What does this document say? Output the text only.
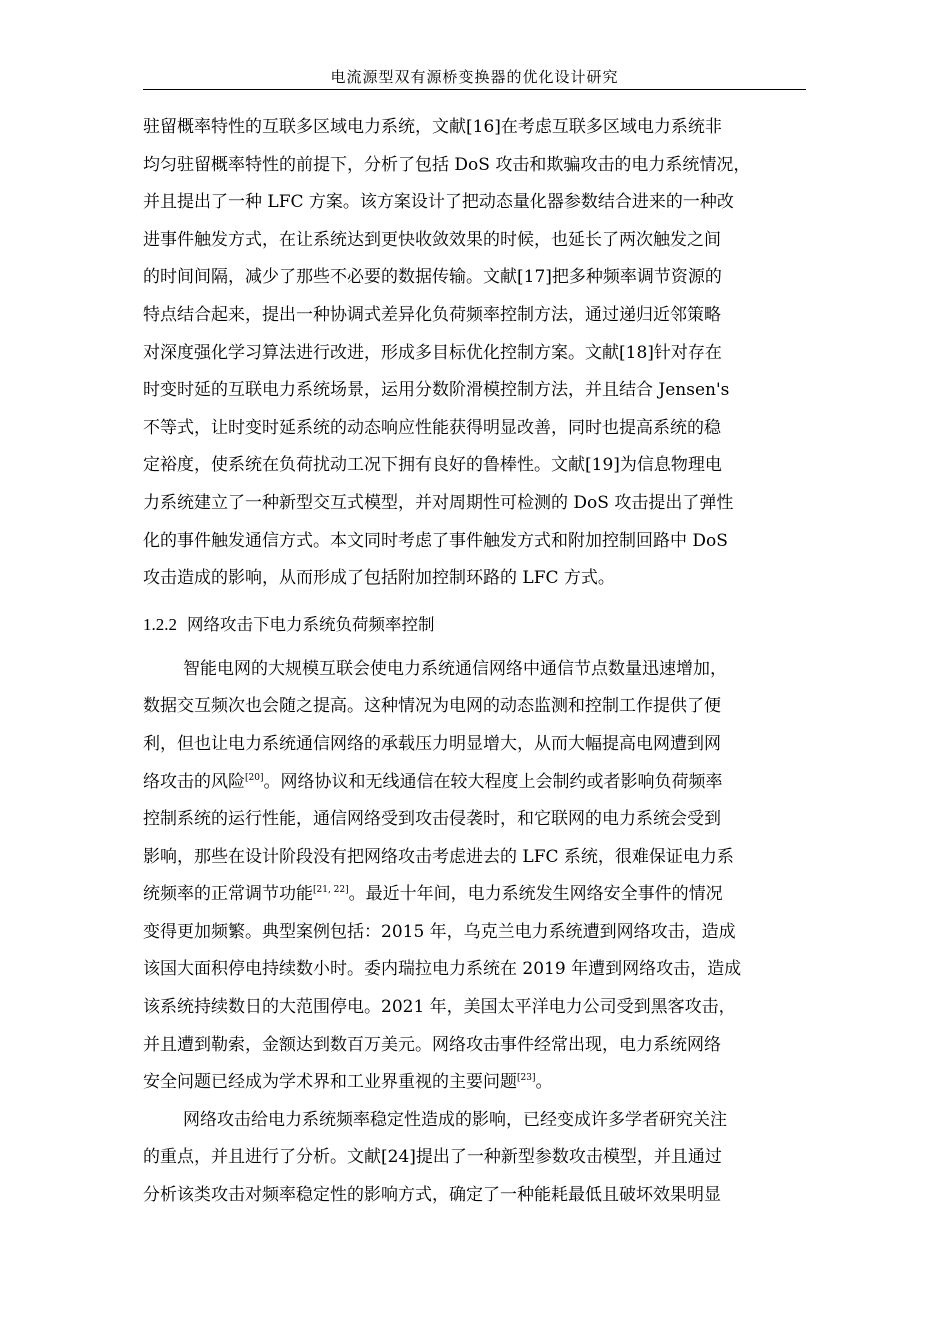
电流源型双有源桥变换器的优化设计研究
驻留概率特性的互联多区域电力系统，文献[16]在考虑互联多区域电力系统非
均匀驻留概率特性的前提下，分析了包括 DoS 攻击和欺骗攻击的电力系统情况，
并且提出了一种 LFC 方案。该方案设计了把动态量化器参数结合进来的一种改
进事件触发方式，在让系统达到更快收敛效果的时候，也延长了两次触发之间
的时间间隔，减少了那些不必要的数据传输。文献[17]把多种频率调节资源的
特点结合起来，提出一种协调式差异化负荷频率控制方法，通过递归近邻策略
对深度强化学习算法进行改进，形成多目标优化控制方案。文献[18]针对存在
时变时延的互联电力系统场景，运用分数阶滑模控制方法，并且结合 Jensen's
不等式，让时变时延系统的动态响应性能获得明显改善，同时也提高系统的稳
定裕度，使系统在负荷扰动工况下拥有良好的鲁棒性。文献[19]为信息物理电
力系统建立了一种新型交互式模型，并对周期性可检测的 DoS 攻击提出了弹性
化的事件触发通信方式。本文同时考虑了事件触发方式和附加控制回路中 DoS
攻击造成的影响，从而形成了包括附加控制环路的 LFC 方式。
1.2.2 网络攻击下电力系统负荷频率控制
智能电网的大规模互联会使电力系统通信网络中通信节点数量迅速增加，
数据交互频次也会随之提高。这种情况为电网的动态监测和控制工作提供了便
利，但也让电力系统通信网络的承载压力明显增大，从而大幅提高电网遭到网
络攻击的风险[20]。网络协议和无线通信在较大程度上会制约或者影响负荷频率
控制系统的运行性能，通信网络受到攻击侵袭时，和它联网的电力系统会受到
影响，那些在设计阶段没有把网络攻击考虑进去的 LFC 系统，很难保证电力系
统频率的正常调节功能[21, 22]。最近十年间，电力系统发生网络安全事件的情况
变得更加频繁。典型案例包括：2015 年，乌克兰电力系统遭到网络攻击，造成
该国大面积停电持续数小时。委内瑞拉电力系统在 2019 年遭到网络攻击，造成
该系统持续数日的大范围停电。2021 年，美国太平洋电力公司受到黑客攻击，
并且遭到勒索，金额达到数百万美元。网络攻击事件经常出现，电力系统网络
安全问题已经成为学术界和工业界重视的主要问题[23]。
网络攻击给电力系统频率稳定性造成的影响，已经变成许多学者研究关注
的重点，并且进行了分析。文献[24]提出了一种新型参数攻击模型，并且通过
分析该类攻击对频率稳定性的影响方式，确定了一种能耗最低且破坏效果明显
